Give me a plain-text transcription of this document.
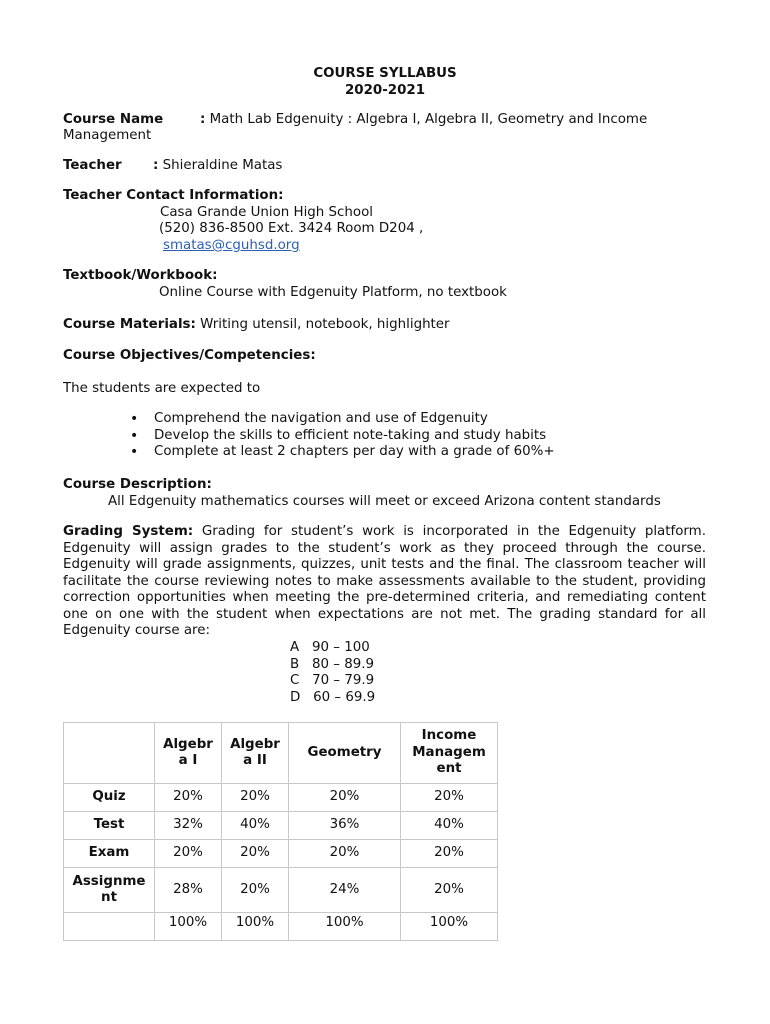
COURSE SYLLABUS
2020-2021
Course Name	: Math Lab Edgenuity : Algebra I, Algebra II, Geometry and Income
Management
Teacher : Shieraldine Matas
Teacher Contact Information:
Casa Grande Union High School
(520) 836-8500 Ext. 3424 Room D204 ,
smatas@cguhsd.org
Textbook/Workbook:
Online Course with Edgenuity Platform, no textbook
Course Materials: Writing utensil, notebook, highlighter
Course Objectives/Competencies:
The students are expected to
• Comprehend the navigation and use of Edgenuity
• Develop the skills to efficient note-taking and study habits
• Complete at least 2 chapters per day with a grade of 60%+
Course Description:
All Edgenuity mathematics courses will meet or exceed Arizona content standards
Grading System: Grading for student’s work is incorporated in the Edgenuity platform. Edgenuity will assign grades to the student’s work as they proceed through the course. Edgenuity will grade assignments, quizzes, unit tests and the final. The classroom teacher will facilitate the course reviewing notes to make assessments available to the student, providing correction opportunities when meeting the pre-determined criteria, and remediating content one on one with the student when expectations are not met. The grading standard for all Edgenuity course are:
A 90 – 100
B 80 – 89.9
C 70 – 79.9
D 60 – 69.9
	Algebr a I	Algebr a II	Geometry	Income Managem ent
Quiz	20%	20%	20%	20%
Test	32%	40%	36%	40%
Exam	20%	20%	20%	20%
Assignme nt	28%	20%	24%	20%
	100%	100%	100%	100%
